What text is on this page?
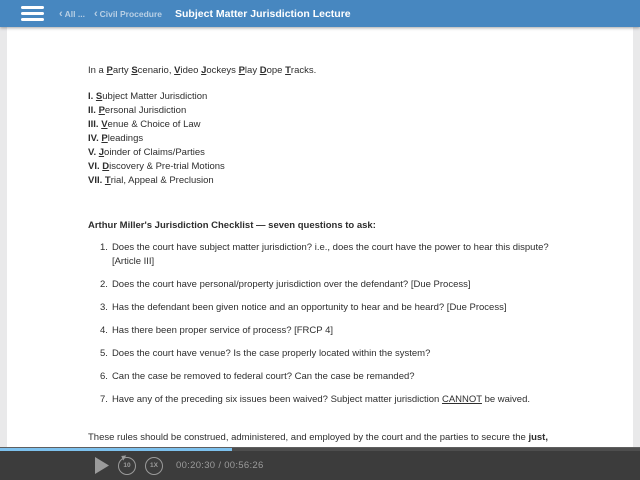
‹ All ... ‹ Civil Procedure Subject Matter Jurisdiction Lecture

In a Party Scenario, Video Jockeys Play Dope Tracks.

I. Subject Matter Jurisdiction
II. Personal Jurisdiction
III. Venue & Choice of Law
IV. Pleadings
V. Joinder of Claims/Parties
VI. Discovery & Pre-trial Motions
VII. Trial, Appeal & Preclusion
Arthur Miller's Jurisdiction Checklist — seven questions to ask:
1. Does the court have subject matter jurisdiction? i.e., does the court have the power to hear this dispute?
[Article III]
2. Does the court have personal/property jurisdiction over the defendant? [Due Process]
3. Has the defendant been given notice and an opportunity to hear and be heard? [Due Process]
4. Has there been proper service of process? [FRCP 4]
5. Does the court have venue? Is the case properly located within the system?
6. Can the case be removed to federal court? Can the case be remanded?
7. Have any of the preceding six issues been waived? Subject matter jurisdiction CANNOT be waived.

These rules should be construed, administered, and employed by the court and the parties to secure the just,

10	1X 00:20:30 / 00:56:26
